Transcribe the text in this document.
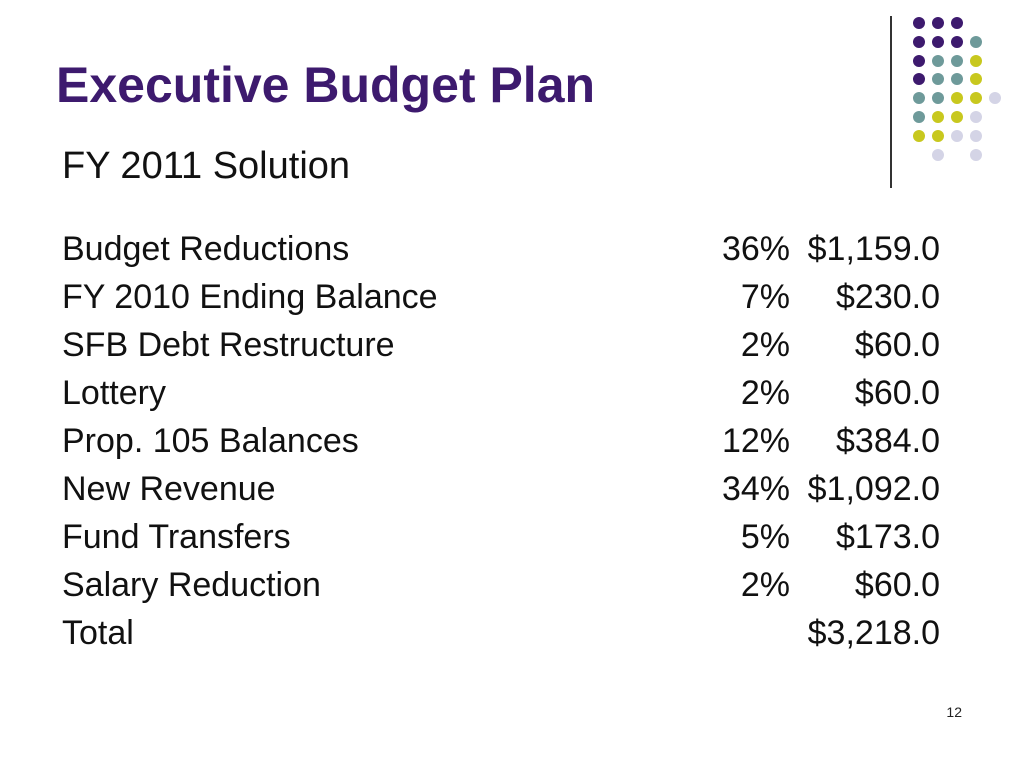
Executive Budget Plan
FY 2011 Solution
Budget Reductions	36% $1,159.0
FY 2010 Ending Balance	7% $230.0
SFB Debt Restructure	2% $60.0
Lottery	2% $60.0
Prop. 105 Balances	12% $384.0
New Revenue	34% $1,092.0
Fund Transfers	5% $173.0
Salary Reduction	2% $60.0
Total	$3,218.0
12
